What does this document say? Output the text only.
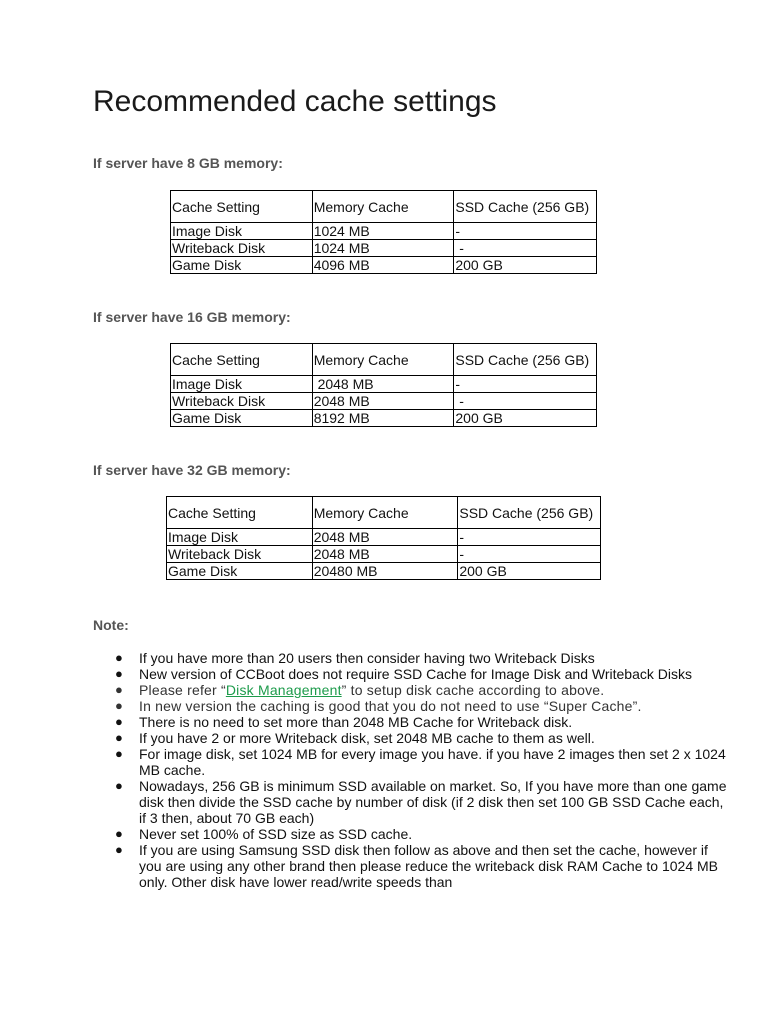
Recommended cache settings

If server have 8 GB memory:

Cache Setting	Memory Cache	SSD Cache (256 GB)
Image Disk	1024 MB	-
Writeback Disk	1024 MB	-
Game Disk	4096 MB	200 GB

If server have 16 GB memory:

Cache Setting	Memory Cache	SSD Cache (256 GB)
Image Disk	2048 MB	-
Writeback Disk	2048 MB	-
Game Disk	8192 MB	200 GB

If server have 32 GB memory:

Cache Setting	Memory Cache	SSD Cache (256 GB)
Image Disk	2048 MB	-
Writeback Disk	2048 MB	-
Game Disk	20480 MB	200 GB

Note:

● If you have more than 20 users then consider having two Writeback Disks
● New version of CCBoot does not require SSD Cache for Image Disk and Writeback Disks
● Please refer “Disk Management” to setup disk cache according to above.
● In new version the caching is good that you do not need to use “Super Cache”.
● There is no need to set more than 2048 MB Cache for Writeback disk.
● If you have 2 or more Writeback disk, set 2048 MB cache to them as well.
● For image disk, set 1024 MB for every image you have. if you have 2 images then set 2 x 1024 MB cache.
● Nowadays, 256 GB is minimum SSD available on market. So, If you have more than one game disk then divide the SSD cache by number of disk (if 2 disk then set 100 GB SSD Cache each, if 3 then, about 70 GB each)
● Never set 100% of SSD size as SSD cache.
● If you are using Samsung SSD disk then follow as above and then set the cache, however if you are using any other brand then please reduce the writeback disk RAM Cache to 1024 MB only. Other disk have lower read/write speeds than
